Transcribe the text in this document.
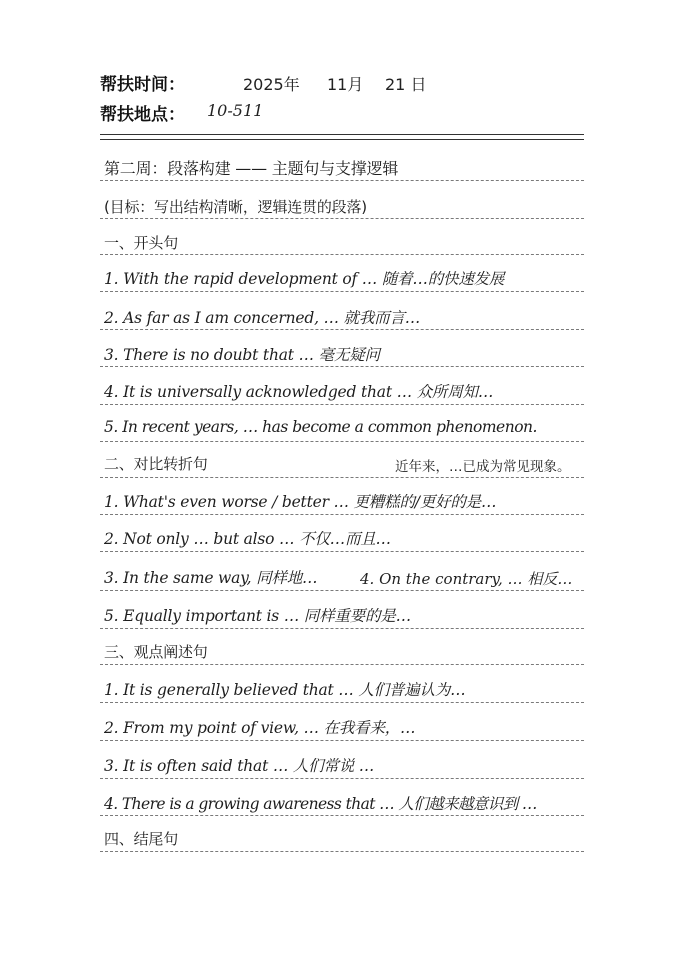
帮扶时间：	2025年 11月 21 日
帮扶地点： 10-511
第二周：段落构建 —— 主题句与支撑逻辑
(目标：写出结构清晰，逻辑连贯的段落)
一、开头句
1. With the rapid development of … 随着…的快速发展
2. As far as I am concerned, … 就我而言…
3. There is no doubt that … 毫无疑问
4. It is universally acknowledged that … 众所周知…
5. In recent years, … has become a common phenomenon.
二、对比转折句	近年来，…已成为常见现象。
1. What's even worse / better … 更糟糕的/更好的是…
2. Not only … but also … 不仅…而且…
3. In the same way, 同样地…	4. On the contrary, … 相反…
5. Equally important is … 同样重要的是…
三、观点阐述句
1. It is generally believed that … 人们普遍认为…
2. From my point of view, … 在我看来，…
3. It is often said that … 人们常说 …
4. There is a growing awareness that … 人们越来越意识到 …
四、结尾句
